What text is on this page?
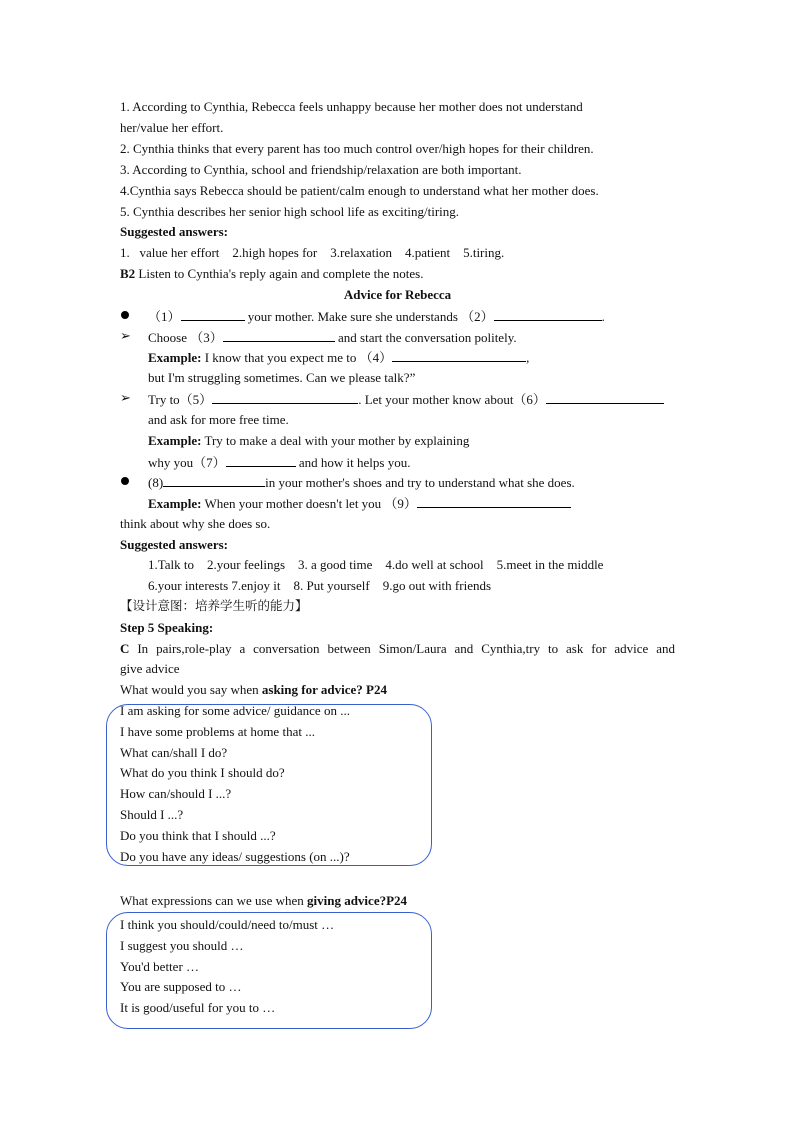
1. According to Cynthia, Rebecca feels unhappy because her mother does not understand
her/value her effort.
2. Cynthia thinks that every parent has too much control over/high hopes for their children.
3. According to Cynthia, school and friendship/relaxation are both important.
4.Cynthia says Rebecca should be patient/calm enough to understand what her mother does.
5. Cynthia describes her senior high school life as exciting/tiring.
Suggested answers:
1.   value her effort    2.high hopes for    3.relaxation    4.patient    5.tiring.
B2 Listen to Cynthia's reply again and complete the notes.
Advice for Rebecca
（1）	your mother. Make sure she understands （2）	.
➢ Choose （3）	and start the conversation politely.
Example: I know that you expect me to （4）	,
but I'm struggling sometimes. Can we please talk?”
➢ Try to（5）	. Let your mother know about（6）
and ask for more free time.
Example: Try to make a deal with your mother by explaining
why you（7）	and how it helps you.
(8)	in your mother's shoes and try to understand what she does.
Example: When your mother doesn't let you （9）
think about why she does so.
Suggested answers:
1.Talk to    2.your feelings    3. a good time    4.do well at school    5.meet in the middle
6.your interests 7.enjoy it    8. Put yourself    9.go out with friends
【设计意图：培养学生听的能力】
Step 5 Speaking:
C In pairs,role-play a conversation between Simon/Laura and Cynthia,try to ask for advice and
give advice
What would you say when asking for advice? P24
I am asking for some advice/ guidance on ...
I have some problems at home that ...
What can/shall I do?
What do you think I should do?
How can/should I ...?
Should I ...?
Do you think that I should ...?
Do you have any ideas/ suggestions (on ...)?
What expressions can we use when giving advice?P24
I think you should/could/need to/must …
I suggest you should …
You'd better …
You are supposed to …
It is good/useful for you to …
